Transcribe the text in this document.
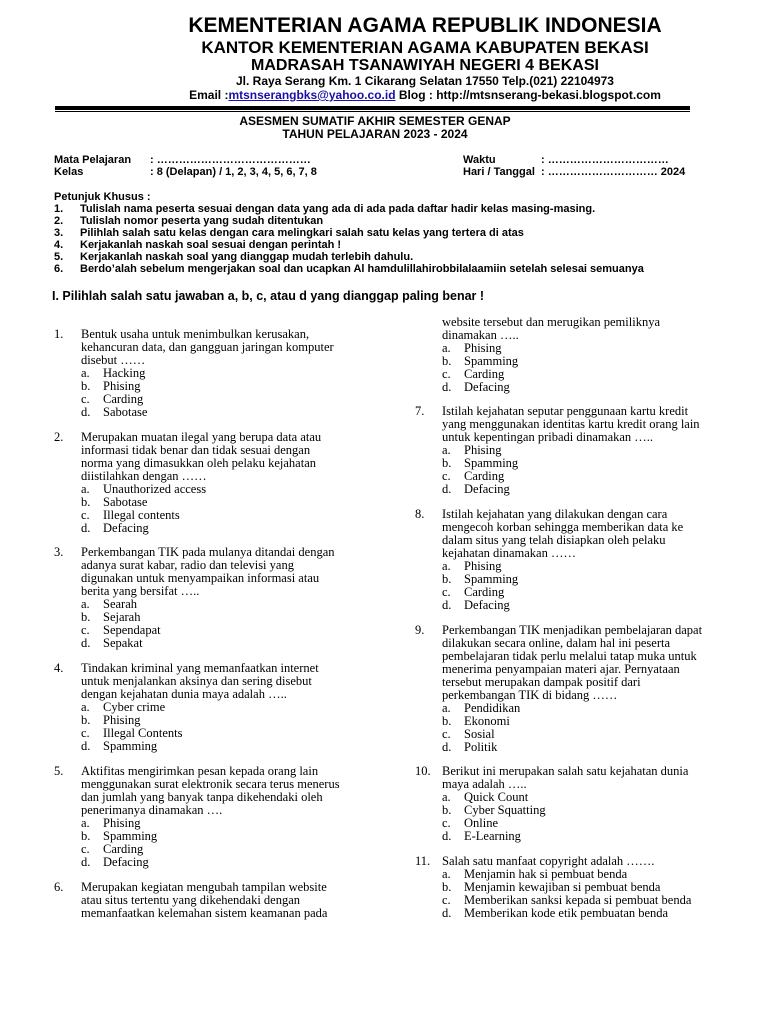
KEMENTERIAN AGAMA REPUBLIK INDONESIA
KANTOR KEMENTERIAN AGAMA KABUPATEN BEKASI
MADRASAH TSANAWIYAH NEGERI 4 BEKASI
Jl. Raya Serang Km. 1 Cikarang Selatan 17550 Telp.(021) 22104973
Email :mtsnserangbks@yahoo.co.id Blog : http://mtsnserang-bekasi.blogspot.com
ASESMEN SUMATIF AKHIR SEMESTER GENAP
TAHUN PELAJARAN 2023 - 2024
Mata Pelajaran : ……………………………………
Kelas	: 8 (Delapan) / 1, 2, 3, 4, 5, 6, 7, 8
Waktu	: ……………………………
Hari / Tanggal : ………………………… 2024
Petunjuk Khusus :
1. Tulislah nama peserta sesuai dengan data yang ada di ada pada daftar hadir kelas masing-masing.
2. Tulislah nomor peserta yang sudah ditentukan
3. Pilihlah salah satu kelas dengan cara melingkari salah satu kelas yang tertera di atas
4. Kerjakanlah naskah soal sesuai dengan perintah !
5. Kerjakanlah naskah soal yang dianggap mudah terlebih dahulu.
6. Berdo’alah sebelum mengerjakan soal dan ucapkan Al hamdulillahirobbilalaamiin setelah selesai semuanya
I. Pilihlah salah satu jawaban a, b, c, atau d yang dianggap paling benar !
1. Bentuk usaha untuk menimbulkan kerusakan,
kehancuran data, dan gangguan jaringan komputer
disebut ……
a. Hacking
b. Phising
c. Carding
d. Sabotase
2. Merupakan muatan ilegal yang berupa data atau
informasi tidak benar dan tidak sesuai dengan
norma yang dimasukkan oleh pelaku kejahatan
diistilahkan dengan ……
a. Unauthorized access
b. Sabotase
c. Illegal contents
d. Defacing
3. Perkembangan TIK pada mulanya ditandai dengan
adanya surat kabar, radio dan televisi yang
digunakan untuk menyampaikan informasi atau
berita yang bersifat …..
a. Searah
b. Sejarah
c. Sependapat
d. Sepakat
4. Tindakan kriminal yang memanfaatkan internet
untuk menjalankan aksinya dan sering disebut
dengan kejahatan dunia maya adalah …..
a. Cyber crime
b. Phising
c. Illegal Contents
d. Spamming
5. Aktifitas mengirimkan pesan kepada orang lain
menggunakan surat elektronik secara terus menerus
dan jumlah yang banyak tanpa dikehendaki oleh
penerimanya dinamakan ….
a. Phising
b. Spamming
c. Carding
d. Defacing
6. Merupakan kegiatan mengubah tampilan website
atau situs tertentu yang dikehendaki dengan
memanfaatkan kelemahan sistem keamanan pada
website tersebut dan merugikan pemiliknya
dinamakan …..
a. Phising
b. Spamming
c. Carding
d. Defacing
7. Istilah kejahatan seputar penggunaan kartu kredit
yang menggunakan identitas kartu kredit orang lain
untuk kepentingan pribadi dinamakan …..
a. Phising
b. Spamming
c. Carding
d. Defacing
8. Istilah kejahatan yang dilakukan dengan cara
mengecoh korban sehingga memberikan data ke
dalam situs yang telah disiapkan oleh pelaku
kejahatan dinamakan ……
a. Phising
b. Spamming
c. Carding
d. Defacing
9. Perkembangan TIK menjadikan pembelajaran dapat
dilakukan secara online, dalam hal ini peserta
pembelajaran tidak perlu melalui tatap muka untuk
menerima penyampaian materi ajar. Pernyataan
tersebut merupakan dampak positif dari
perkembangan TIK di bidang ……
a. Pendidikan
b. Ekonomi
c. Sosial
d. Politik
10. Berikut ini merupakan salah satu kejahatan dunia
maya adalah …..
a. Quick Count
b. Cyber Squatting
c. Online
d. E-Learning
11. Salah satu manfaat copyright adalah …….
a. Menjamin hak si pembuat benda
b. Menjamin kewajiban si pembuat benda
c. Memberikan sanksi kepada si pembuat benda
d. Memberikan kode etik pembuatan benda
